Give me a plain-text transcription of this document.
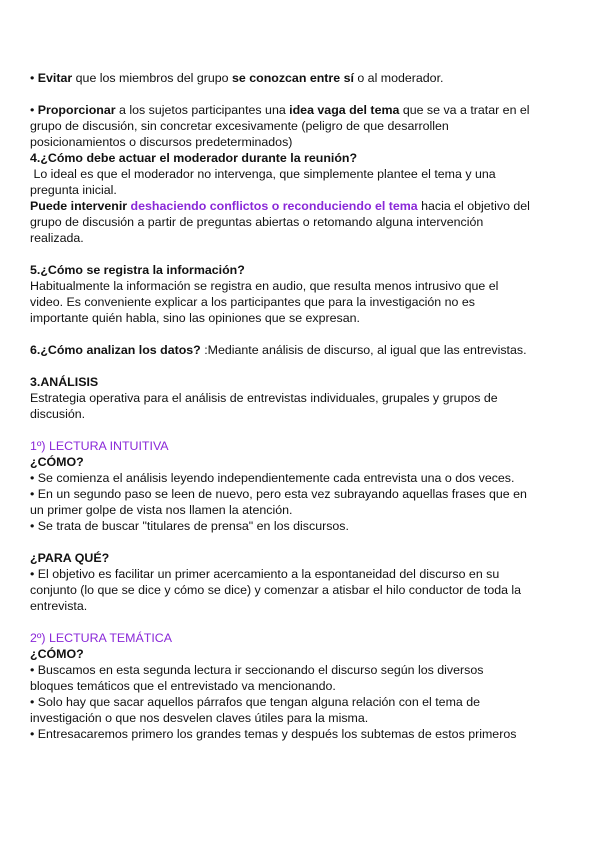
• Evitar que los miembros del grupo se conozcan entre sí o al moderador.

• Proporcionar a los sujetos participantes una idea vaga del tema que se va a tratar en el grupo de discusión, sin concretar excesivamente (peligro de que desarrollen posicionamientos o discursos predeterminados)

4.¿Cómo debe actuar el moderador durante la reunión?

Lo ideal es que el moderador no intervenga, que simplemente plantee el tema y una pregunta inicial.

Puede intervenir deshaciendo conflictos o reconduciendo el tema hacia el objetivo del grupo de discusión a partir de preguntas abiertas o retomando alguna intervención realizada.

5.¿Cómo se registra la información?

Habitualmente la información se registra en audio, que resulta menos intrusivo que el video. Es conveniente explicar a los participantes que para la investigación no es importante quién habla, sino las opiniones que se expresan.

6.¿Cómo analizan los datos? :Mediante análisis de discurso, al igual que las entrevistas.

3.ANÁLISIS

Estrategia operativa para el análisis de entrevistas individuales, grupales y grupos de discusión.

1º) LECTURA INTUITIVA

¿CÓMO?

• Se comienza el análisis leyendo independientemente cada entrevista una o dos veces.

• En un segundo paso se leen de nuevo, pero esta vez subrayando aquellas frases que en un primer golpe de vista nos llamen la atención.

• Se trata de buscar "titulares de prensa" en los discursos.

¿PARA QUÉ?

• El objetivo es facilitar un primer acercamiento a la espontaneidad del discurso en su conjunto (lo que se dice y cómo se dice) y comenzar a atisbar el hilo conductor de toda la entrevista.

2º) LECTURA TEMÁTICA

¿CÓMO?

• Buscamos en esta segunda lectura ir seccionando el discurso según los diversos bloques temáticos que el entrevistado va mencionando.

• Solo hay que sacar aquellos párrafos que tengan alguna relación con el tema de investigación o que nos desvelen claves útiles para la misma.

• Entresacaremos primero los grandes temas y después los subtemas de estos primeros
